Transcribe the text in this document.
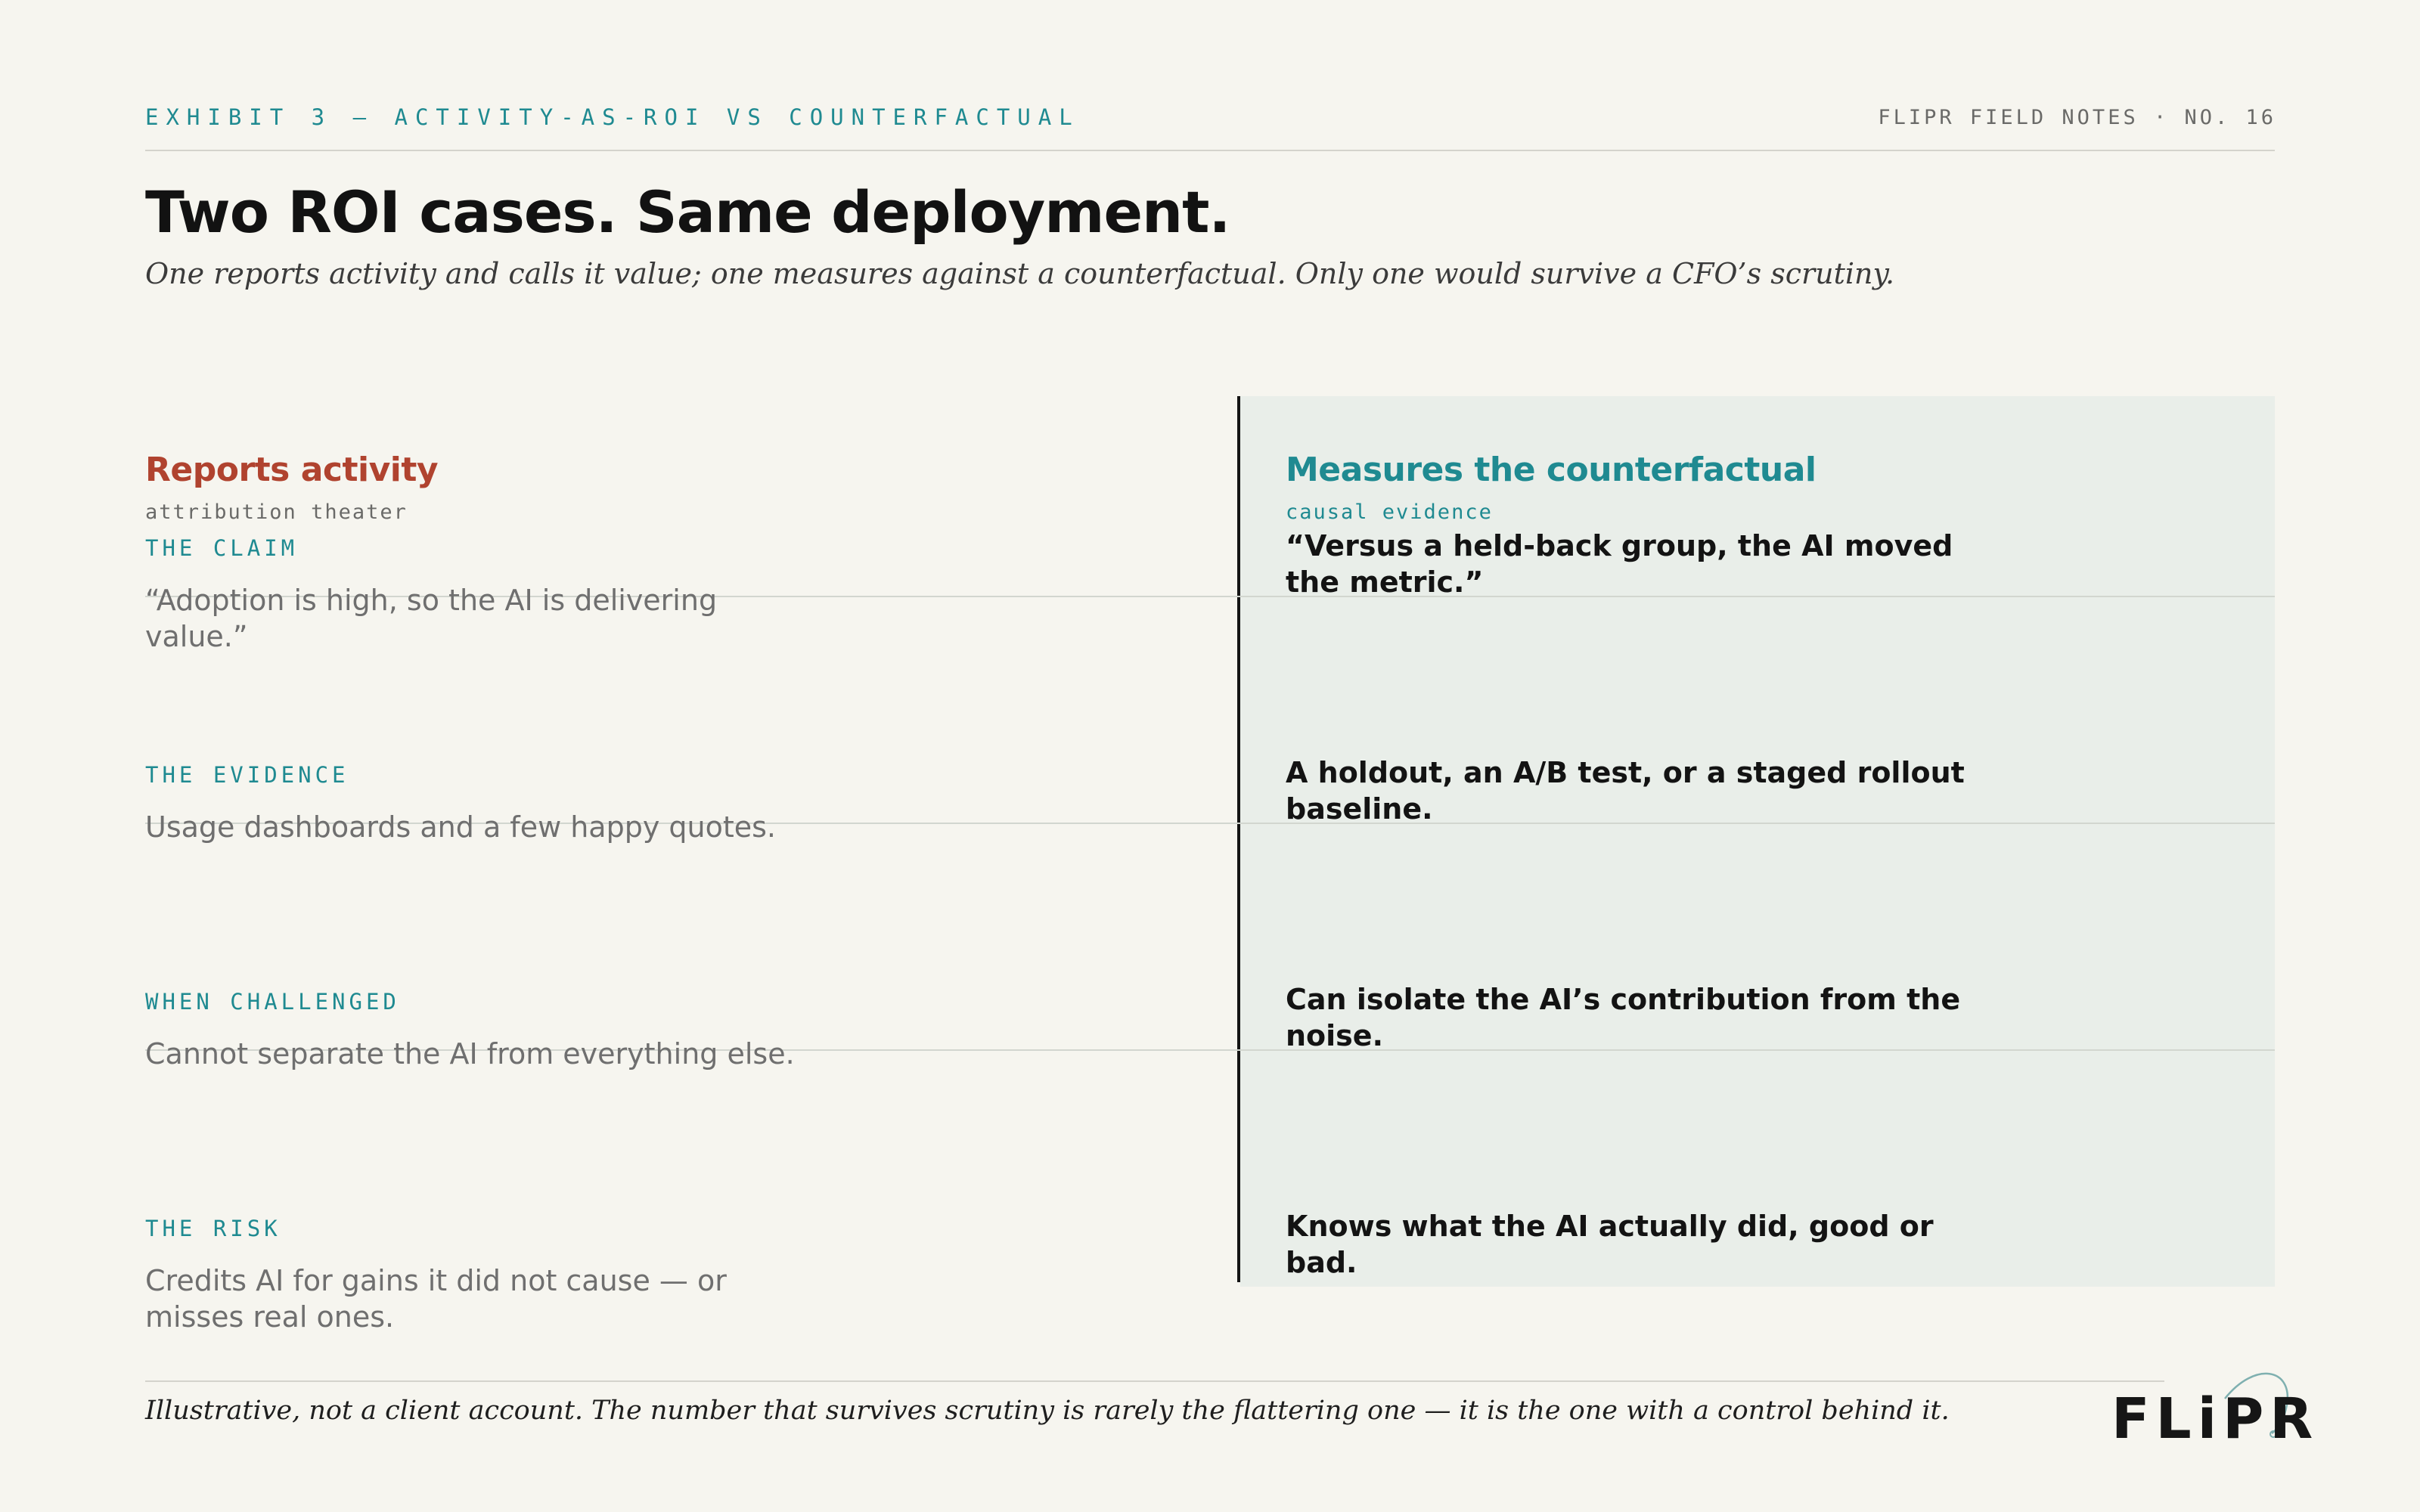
EXHIBIT 3 — ACTIVITY-AS-ROI VS COUNTERFACTUAL	FLIPR FIELD NOTES · NO. 16
Two ROI cases. Same deployment.
One reports activity and calls it value; one measures against a counterfactual. Only one would survive a CFO’s scrutiny.
Reports activity
attribution theater
Measures the counterfactual
causal evidence
THE CLAIM
“Adoption is high, so the AI is delivering value.”
“Versus a held-back group, the AI moved the metric.”
THE EVIDENCE
Usage dashboards and a few happy quotes.
A holdout, an A/B test, or a staged rollout baseline.
WHEN CHALLENGED
Cannot separate the AI from everything else.
Can isolate the AI’s contribution from the noise.
THE RISK
Credits AI for gains it did not cause — or misses real ones.
Knows what the AI actually did, good or bad.
Illustrative, not a client account. The number that survives scrutiny is rarely the flattering one — it is the one with a control behind it.	FLiPR
